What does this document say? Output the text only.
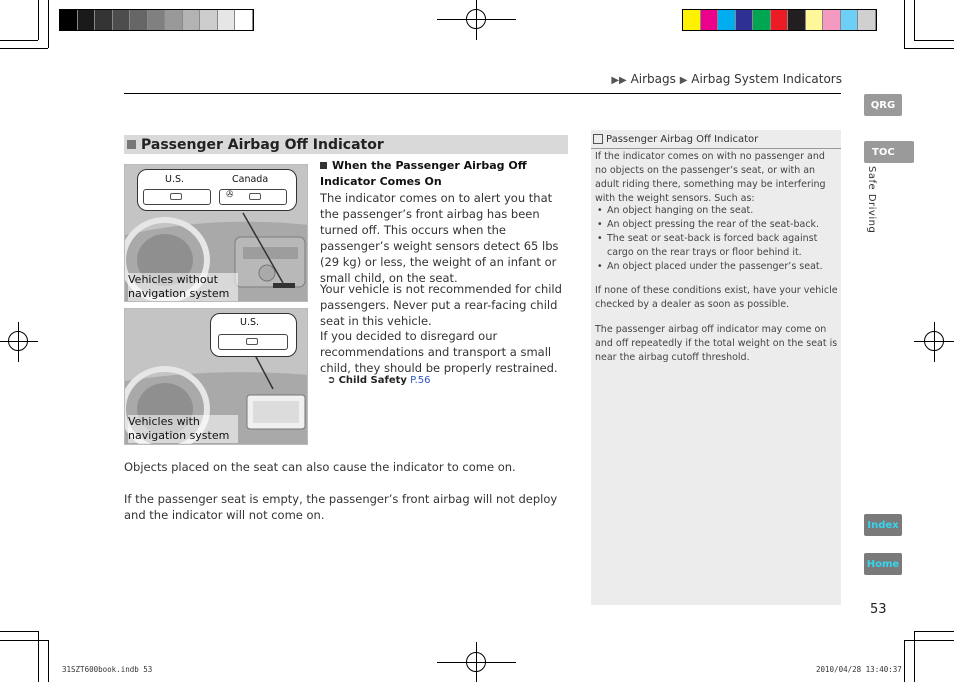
▶▶ Airbags ▶ Airbag System Indicators
QRG
TOC
Safe Driving
Index
Home
53
Passenger Airbag Off Indicator
U.S.	Canada
✇
Vehicles without navigation system
U.S.
Vehicles with navigation system
When the Passenger Airbag Off Indicator Comes On
The indicator comes on to alert you that the passenger’s front airbag has been turned off. This occurs when the passenger’s weight sensors detect 65 lbs (29 kg) or less, the weight of an infant or small child, on the seat.
Your vehicle is not recommended for child passengers. Never put a rear-facing child seat in this vehicle.
If you decided to disregard our recommendations and transport a small child, they should be properly restrained.
➲ Child Safety P.56
Objects placed on the seat can also cause the indicator to come on.
If the passenger seat is empty, the passenger’s front airbag will not deploy and the indicator will not come on.
Passenger Airbag Off Indicator
If the indicator comes on with no passenger and no objects on the passenger’s seat, or with an adult riding there, something may be interfering with the weight sensors. Such as:
• An object hanging on the seat.
• An object pressing the rear of the seat-back.
• The seat or seat-back is forced back against cargo on the rear trays or floor behind it.
• An object placed under the passenger’s seat.
If none of these conditions exist, have your vehicle checked by a dealer as soon as possible.
The passenger airbag off indicator may come on and off repeatedly if the total weight on the seat is near the airbag cutoff threshold.
31SZT600book.indb 53	2010/04/28 13:40:37
